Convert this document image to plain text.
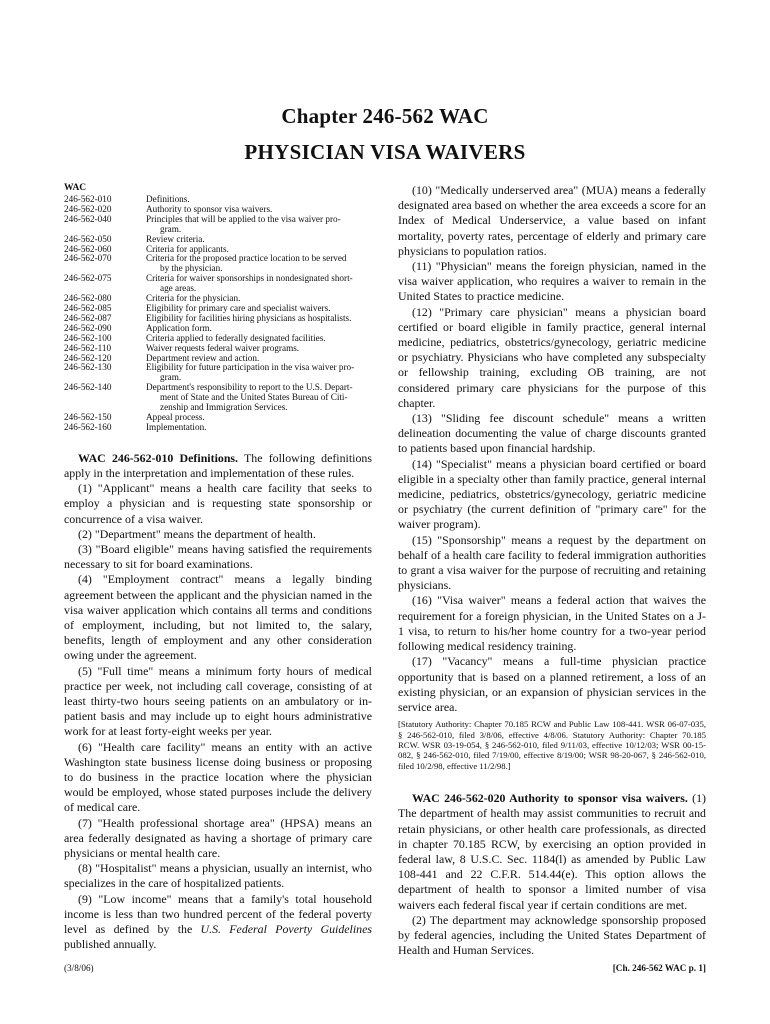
Chapter 246-562 WAC
PHYSICIAN VISA WAIVERS
WAC
246-562-010	Definitions.
246-562-020	Authority to sponsor visa waivers.
246-562-040	Principles that will be applied to the visa waiver pro-
gram.
246-562-050	Review criteria.
246-562-060	Criteria for applicants.
246-562-070	Criteria for the proposed practice location to be served
by the physician.
246-562-075	Criteria for waiver sponsorships in nondesignated short-
age areas.
246-562-080	Criteria for the physician.
246-562-085	Eligibility for primary care and specialist waivers.
246-562-087	Eligibility for facilities hiring physicians as hospitalists.
246-562-090	Application form.
246-562-100	Criteria applied to federally designated facilities.
246-562-110	Waiver requests federal waiver programs.
246-562-120	Department review and action.
246-562-130	Eligibility for future participation in the visa waiver pro-
gram.
246-562-140	Department's responsibility to report to the U.S. Depart-
ment of State and the United States Bureau of Citi-zenship and Immigration Services.
246-562-150	Appeal process.
246-562-160	Implementation.

WAC 246-562-010 Definitions. The following definitions apply in the interpretation and implementation of these rules.

(1) "Applicant" means a health care facility that seeks to employ a physician and is requesting state sponsorship or concurrence of a visa waiver.

(2) "Department" means the department of health.

(3) "Board eligible" means having satisfied the requirements necessary to sit for board examinations.

(4) "Employment contract" means a legally binding agreement between the applicant and the physician named in the visa waiver application which contains all terms and conditions of employment, including, but not limited to, the salary, benefits, length of employment and any other consideration owing under the agreement.

(5) "Full time" means a minimum forty hours of medical practice per week, not including call coverage, consisting of at least thirty-two hours seeing patients on an ambulatory or in-patient basis and may include up to eight hours administrative work for at least forty-eight weeks per year.

(6) "Health care facility" means an entity with an active Washington state business license doing business or proposing to do business in the practice location where the physician would be employed, whose stated purposes include the delivery of medical care.

(7) "Health professional shortage area" (HPSA) means an area federally designated as having a shortage of primary care physicians or mental health care.

(8) "Hospitalist" means a physician, usually an internist, who specializes in the care of hospitalized patients.

(9) "Low income" means that a family's total household income is less than two hundred percent of the federal poverty level as defined by the U.S. Federal Poverty Guidelines published annually.

(10) "Medically underserved area" (MUA) means a federally designated area based on whether the area exceeds a score for an Index of Medical Underservice, a value based on infant mortality, poverty rates, percentage of elderly and primary care physicians to population ratios.

(11) "Physician" means the foreign physician, named in the visa waiver application, who requires a waiver to remain in the United States to practice medicine.

(12) "Primary care physician" means a physician board certified or board eligible in family practice, general internal medicine, pediatrics, obstetrics/gynecology, geriatric medicine or psychiatry. Physicians who have completed any subspecialty or fellowship training, excluding OB training, are not considered primary care physicians for the purpose of this chapter.

(13) "Sliding fee discount schedule" means a written delineation documenting the value of charge discounts granted to patients based upon financial hardship.

(14) "Specialist" means a physician board certified or board eligible in a specialty other than family practice, general internal medicine, pediatrics, obstetrics/gynecology, geriatric medicine or psychiatry (the current definition of "primary care" for the waiver program).

(15) "Sponsorship" means a request by the department on behalf of a health care facility to federal immigration authorities to grant a visa waiver for the purpose of recruiting and retaining physicians.

(16) "Visa waiver" means a federal action that waives the requirement for a foreign physician, in the United States on a J-1 visa, to return to his/her home country for a two-year period following medical residency training.

(17) "Vacancy" means a full-time physician practice opportunity that is based on a planned retirement, a loss of an existing physician, or an expansion of physician services in the service area.

[Statutory Authority: Chapter 70.185 RCW and Public Law 108-441. WSR 06-07-035, § 246-562-010, filed 3/8/06, effective 4/8/06. Statutory Authority: Chapter 70.185 RCW. WSR 03-19-054, § 246-562-010, filed 9/11/03, effective 10/12/03; WSR 00-15-082, § 246-562-010, filed 7/19/00, effective 8/19/00; WSR 98-20-067, § 246-562-010, filed 10/2/98, effective 11/2/98.]

WAC 246-562-020 Authority to sponsor visa waivers. (1) The department of health may assist communities to recruit and retain physicians, or other health care professionals, as directed in chapter 70.185 RCW, by exercising an option provided in federal law, 8 U.S.C. Sec. 1184(l) as amended by Public Law 108-441 and 22 C.F.R. 514.44(e). This option allows the department of health to sponsor a limited number of visa waivers each federal fiscal year if certain conditions are met.

(2) The department may acknowledge sponsorship proposed by federal agencies, including the United States Department of Health and Human Services.

(3/8/06)	[Ch. 246-562 WAC p. 1]
